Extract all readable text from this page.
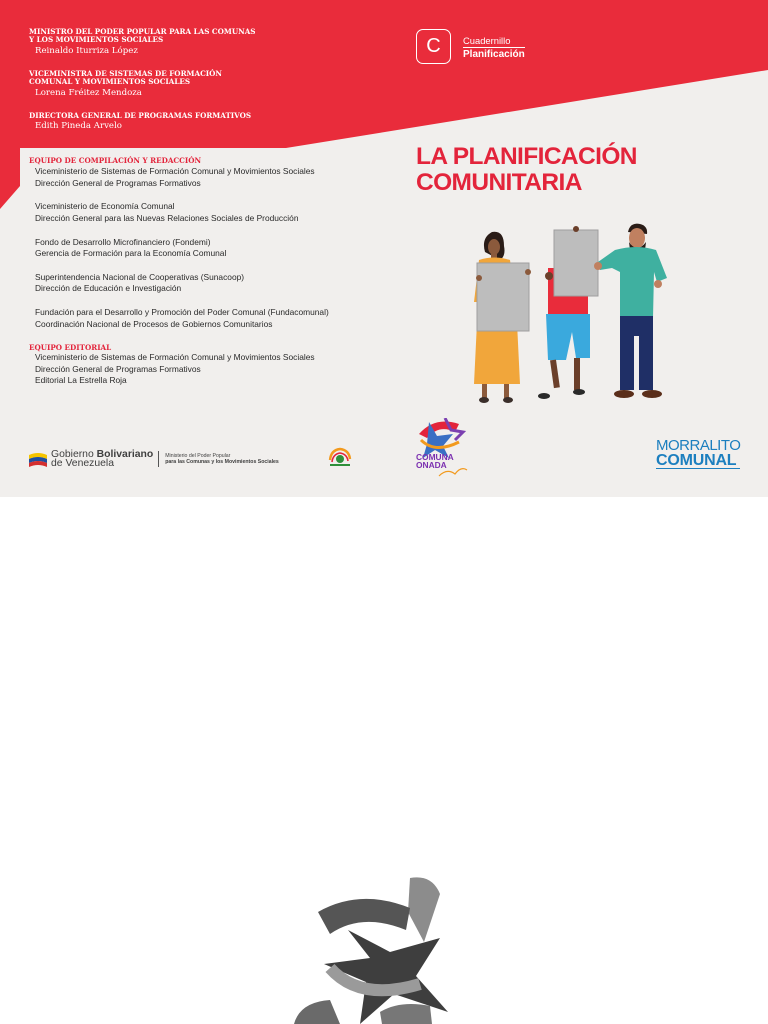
MINISTRO DEL PODER POPULAR PARA LAS COMUNAS Y LOS MOVIMIENTOS SOCIALES
Reinaldo Iturriza López
VICEMINISTRA DE SISTEMAS DE FORMACIÓN COMUNAL Y MOVIMIENTOS SOCIALES
Lorena Fréitez Mendoza
DIRECTORA GENERAL DE PROGRAMAS FORMATIVOS
Edith Pineda Arvelo
EQUIPO DE COMPILACIÓN Y REDACCIÓN
Viceministerio de Sistemas de Formación Comunal y Movimientos Sociales
Dirección General de Programas Formativos
Viceministerio de Economía Comunal
Dirección General para las Nuevas Relaciones Sociales de Producción
Fondo de Desarrollo Microfinanciero (Fondemi)
Gerencia de Formación para la Economía Comunal
Superintendencia Nacional de Cooperativas (Sunacoop)
Dirección de Educación e Investigación
Fundación para el Desarrollo y Promoción del Poder Comunal (Fundacomunal)
Coordinación Nacional de Procesos de Gobiernos Comunitarios
EQUIPO EDITORIAL
Viceministerio de Sistemas de Formación Comunal y Movimientos Sociales
Dirección General de Programas Formativos
Editorial La Estrella Roja
C	Cuadernillo
Planificación
LA PLANIFICACIÓN
COMUNITARIA
Gobierno Bolivariano
de Venezuela
Ministerio del Poder Popular
para las Comunas y los Movimientos Sociales	COMUNA
ONADA
MORRALITO
COMUNAL
